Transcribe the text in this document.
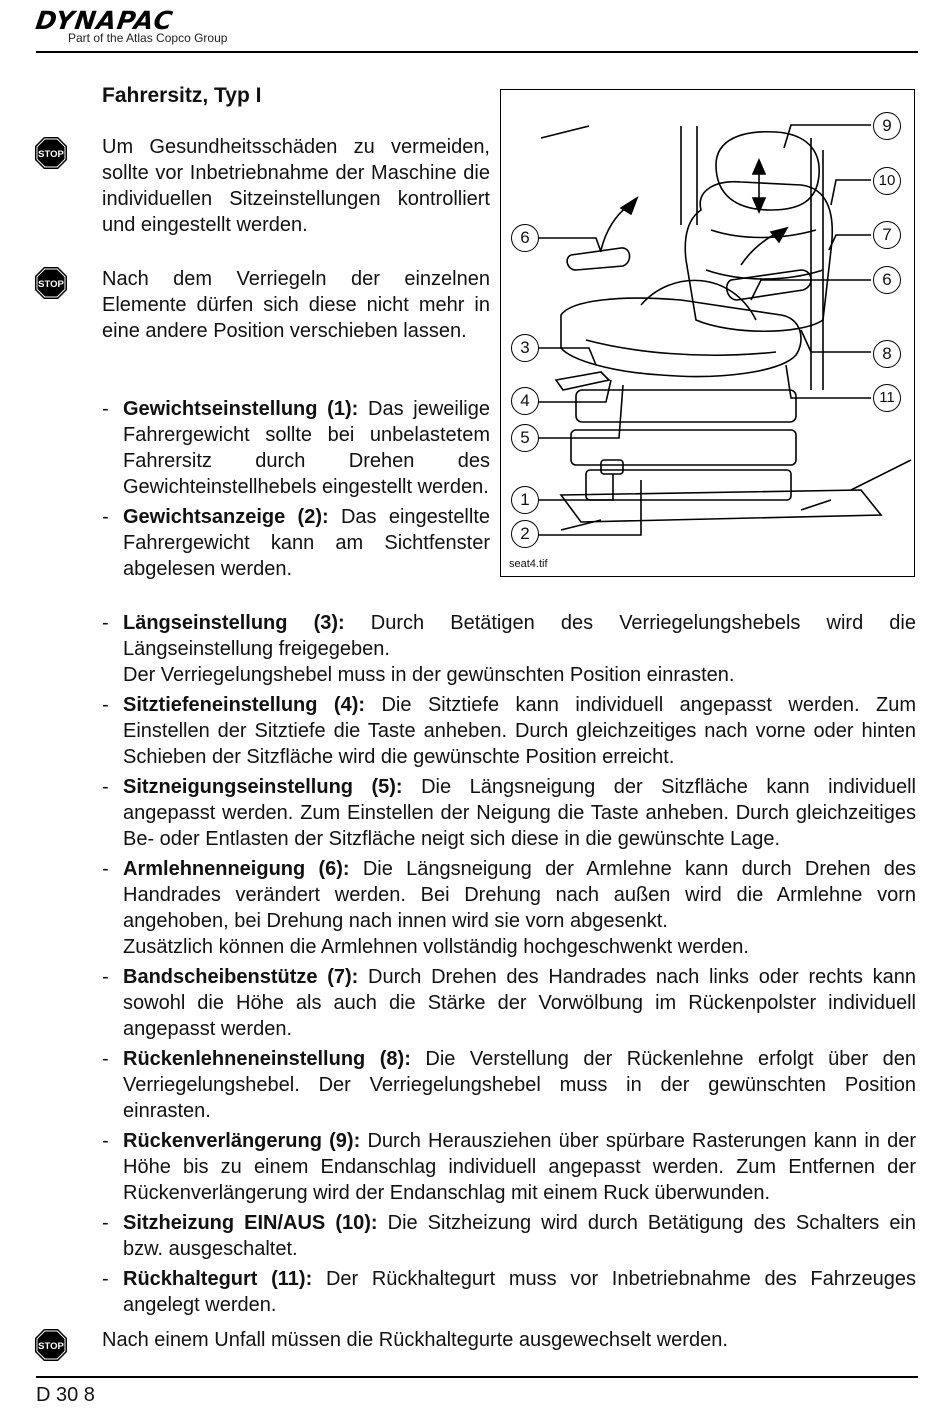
DYNAPAC
Part of the Atlas Copco Group
Fahrersitz, Typ I
STOP Um Gesundheitsschäden zu vermeiden, sollte vor Inbetriebnahme der Maschine die individuellen Sitzeinstellungen kontrolliert und eingestellt werden.
STOP Nach dem Verriegeln der einzelnen Elemente dürfen sich diese nicht mehr in eine andere Position verschieben lassen.
6
3
4
5
1
2
9
10
7
6
8
11
seat4.tif
- Gewichtseinstellung (1): Das jeweilige Fahrergewicht sollte bei unbelastetem Fahrersitz durch Drehen des Gewichteinstellhebels eingestellt werden.
- Gewichtsanzeige (2): Das eingestellte Fahrergewicht kann am Sichtfenster abgelesen werden.
- Längseinstellung (3): Durch Betätigen des Verriegelungshebels wird die Längseinstellung freigegeben.
Der Verriegelungshebel muss in der gewünschten Position einrasten.
- Sitztiefeneinstellung (4): Die Sitztiefe kann individuell angepasst werden. Zum Einstellen der Sitztiefe die Taste anheben. Durch gleichzeitiges nach vorne oder hinten Schieben der Sitzfläche wird die gewünschte Position erreicht.
- Sitzneigungseinstellung (5): Die Längsneigung der Sitzfläche kann individuell angepasst werden. Zum Einstellen der Neigung die Taste anheben. Durch gleichzeitiges Be- oder Entlasten der Sitzfläche neigt sich diese in die gewünschte Lage.
- Armlehnenneigung (6): Die Längsneigung der Armlehne kann durch Drehen des Handrades verändert werden. Bei Drehung nach außen wird die Armlehne vorn angehoben, bei Drehung nach innen wird sie vorn abgesenkt.
Zusätzlich können die Armlehnen vollständig hochgeschwenkt werden.
- Bandscheibenstütze (7): Durch Drehen des Handrades nach links oder rechts kann sowohl die Höhe als auch die Stärke der Vorwölbung im Rückenpolster individuell angepasst werden.
- Rückenlehneneinstellung (8): Die Verstellung der Rückenlehne erfolgt über den Verriegelungshebel. Der Verriegelungshebel muss in der gewünschten Position einrasten.
- Rückenverlängerung (9): Durch Herausziehen über spürbare Rasterungen kann in der Höhe bis zu einem Endanschlag individuell angepasst werden. Zum Entfernen der Rückenverlängerung wird der Endanschlag mit einem Ruck überwunden.
- Sitzheizung EIN/AUS (10): Die Sitzheizung wird durch Betätigung des Schalters ein bzw. ausgeschaltet.
- Rückhaltegurt (11): Der Rückhaltegurt muss vor Inbetriebnahme des Fahrzeuges angelegt werden.
STOP Nach einem Unfall müssen die Rückhaltegurte ausgewechselt werden.
D 30 8
